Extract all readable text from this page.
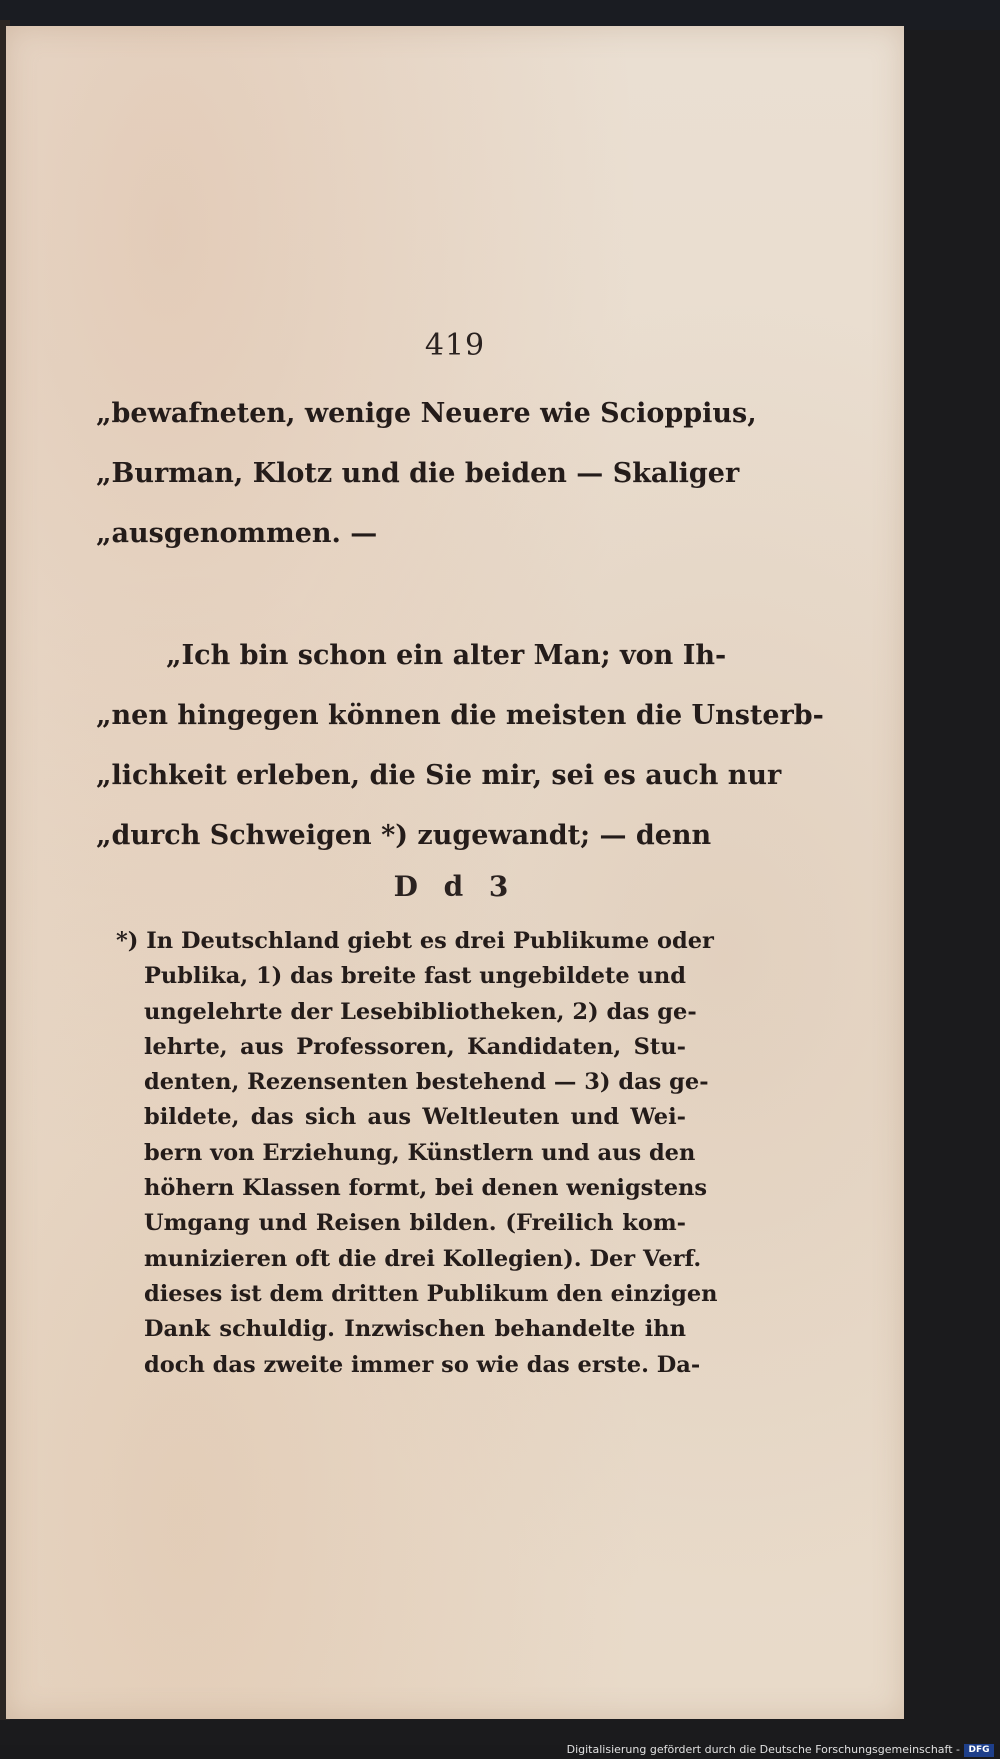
419
„bewafneten, wenige Neuere wie Scioppius,
„Burman, Klotz und die beiden — Skaliger
„ausgenommen. —
„Ich bin schon ein alter Man; von Ih-
„nen hingegen können die meisten die Unsterb-
„lichkeit erleben, die Sie mir, sei es auch nur
„durch Schweigen *) zugewandt; — denn
D d 3
*) In Deutschland giebt es drei Publikume oder
Publika, 1) das breite fast ungebildete und
ungelehrte der Lesebibliotheken, 2) das ge-
lehrte, aus Professoren, Kandidaten, Stu-
denten, Rezensenten bestehend — 3) das ge-
bildete, das sich aus Weltleuten und Wei-
bern von Erziehung, Künstlern und aus den
höhern Klassen formt, bei denen wenigstens
Umgang und Reisen bilden. (Freilich kom-
munizieren oft die drei Kollegien). Der Verf.
dieses ist dem dritten Publikum den einzigen
Dank schuldig. Inzwischen behandelte ihn
doch das zweite immer so wie das erste. Da-
Digitalisierung gefördert durch die Deutsche Forschungsgemeinschaft - DFG
